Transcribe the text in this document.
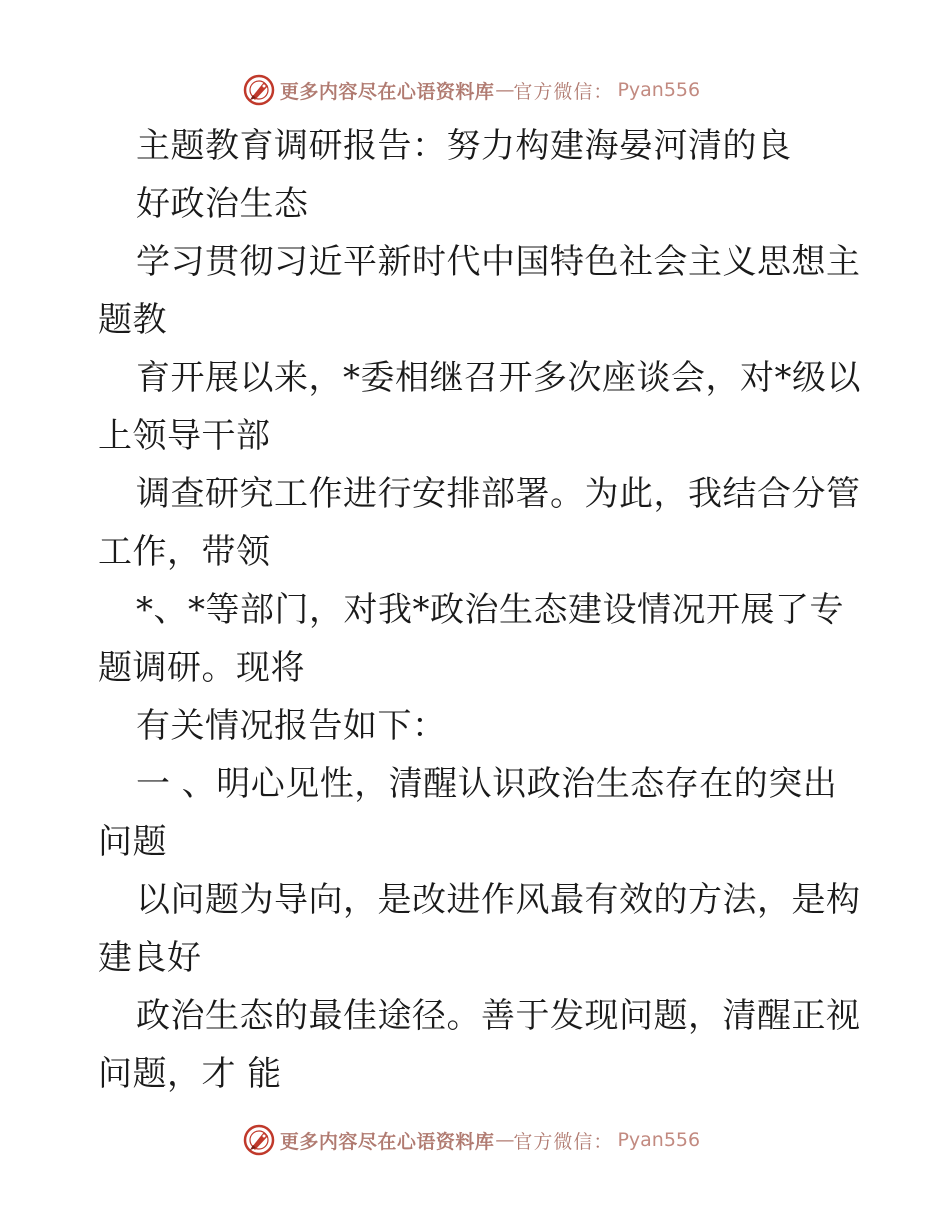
更多内容尽在心语资料库 — 官方微信： Pyan556
主题教育调研报告：努力构建海晏河清的良
好政治生态
学习贯彻习近平新时代中国特色社会主义思想主
题教
育开展以来，*委相继召开多次座谈会，对*级以
上领导干部
调查研究工作进行安排部署。为此，我结合分管
工作，带领
*、*等部门，对我*政治生态建设情况开展了专
题调研。现将
有关情况报告如下：
一 、明心见性，清醒认识政治生态存在的突出
问题
以问题为导向，是改进作风最有效的方法，是构
建良好
政治生态的最佳途径。善于发现问题，清醒正视
问题，才 能
更多内容尽在心语资料库 — 官方微信： Pyan556
